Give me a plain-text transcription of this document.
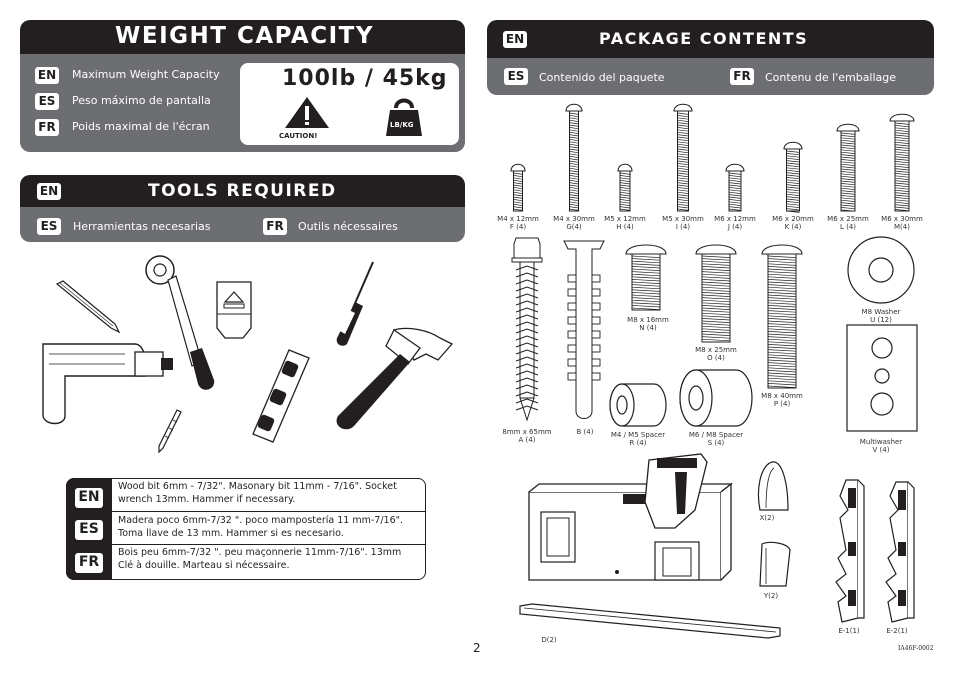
WEIGHT CAPACITY
EN Maximum Weight Capacity
ES	Peso máximo de pantalla
FR Poids maximal de l'écran
100lb / 45kg
CAUTION!
LB/KG
EN	TOOLS REQUIRED
ES	Herramientas necesarias	FR Outils nécessaires
EN
Wood bit 6mm - 7/32". Masonary bit 11mm - 7/16". Socket wrench 13mm. Hammer if necessary.
ES
Madera poco 6mm-7/32 ". poco mampostería 11 mm-7/16". Toma llave de 13 mm. Hammer si es necesario.
FR
Bois peu 6mm-7/32 ". peu maçonnerie 11mm-7/16". 13mm Clé à douille. Marteau si nécessaire.
EN	PACKAGE CONTENTS
ES	Contenido del paquete	FR Contenu de l'emballage
M4 x 12mm
F (4)
M4 x 30mm
G(4)
M5 x 12mm
H (4)
M5 x 30mm
I (4)
M6 x 12mm
J (4)
M6 x 20mm
K (4)
M6 x 25mm
L (4)
M6 x 30mm
M(4)
8mm x 65mm
A (4)
B (4)
M8 x 16mm
N (4)
M8 x 25mm
O (4)
M8 x 40mm
P (4)
M8 Washer
U (12)
Multiwasher
V (4)
M4 / M5 Spacer
R (4)
M6 / M8 Spacer
S (4)
D(2)
X(2)
Y(2)
E-1(1)	E-2(1)
2	IA46F-0002
